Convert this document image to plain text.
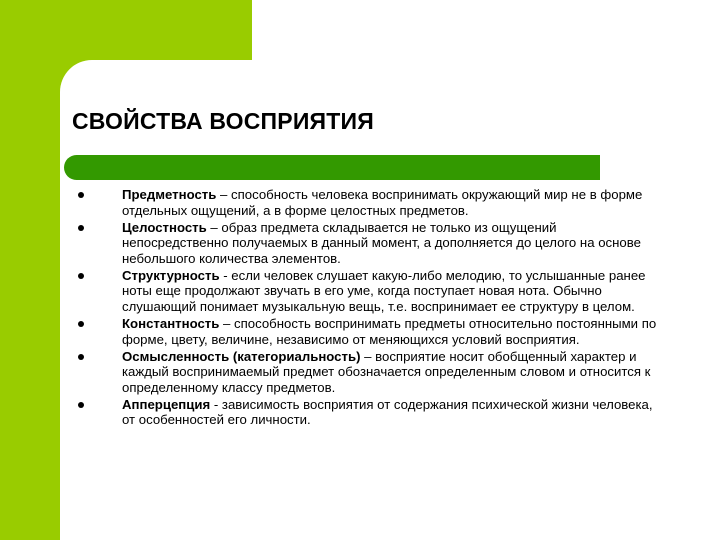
СВОЙСТВА ВОСПРИЯТИЯ
Предметность – способность человека воспринимать окружающий мир не в форме отдельных ощущений, а в форме целостных предметов.
Целостность – образ предмета складывается не только из ощущений непосредственно получаемых в данный момент, а дополняется до целого на основе небольшого количества элементов.
Структурность - если человек слушает какую-либо мелодию, то услышанные ранее ноты еще продолжают звучать в его уме, когда поступает новая нота. Обычно слушающий понимает музыкальную вещь, т.е. воспринимает ее структуру в целом.
Константность – способность воспринимать предметы относительно постоянными по форме, цвету, величине, независимо от меняющихся условий восприятия.
Осмысленность (категориальность) – восприятие носит обобщенный характер и каждый воспринимаемый предмет обозначается определенным словом и относится к определенному классу предметов.
Апперцепция - зависимость восприятия от содержания психической жизни человека, от особенностей его личности.
